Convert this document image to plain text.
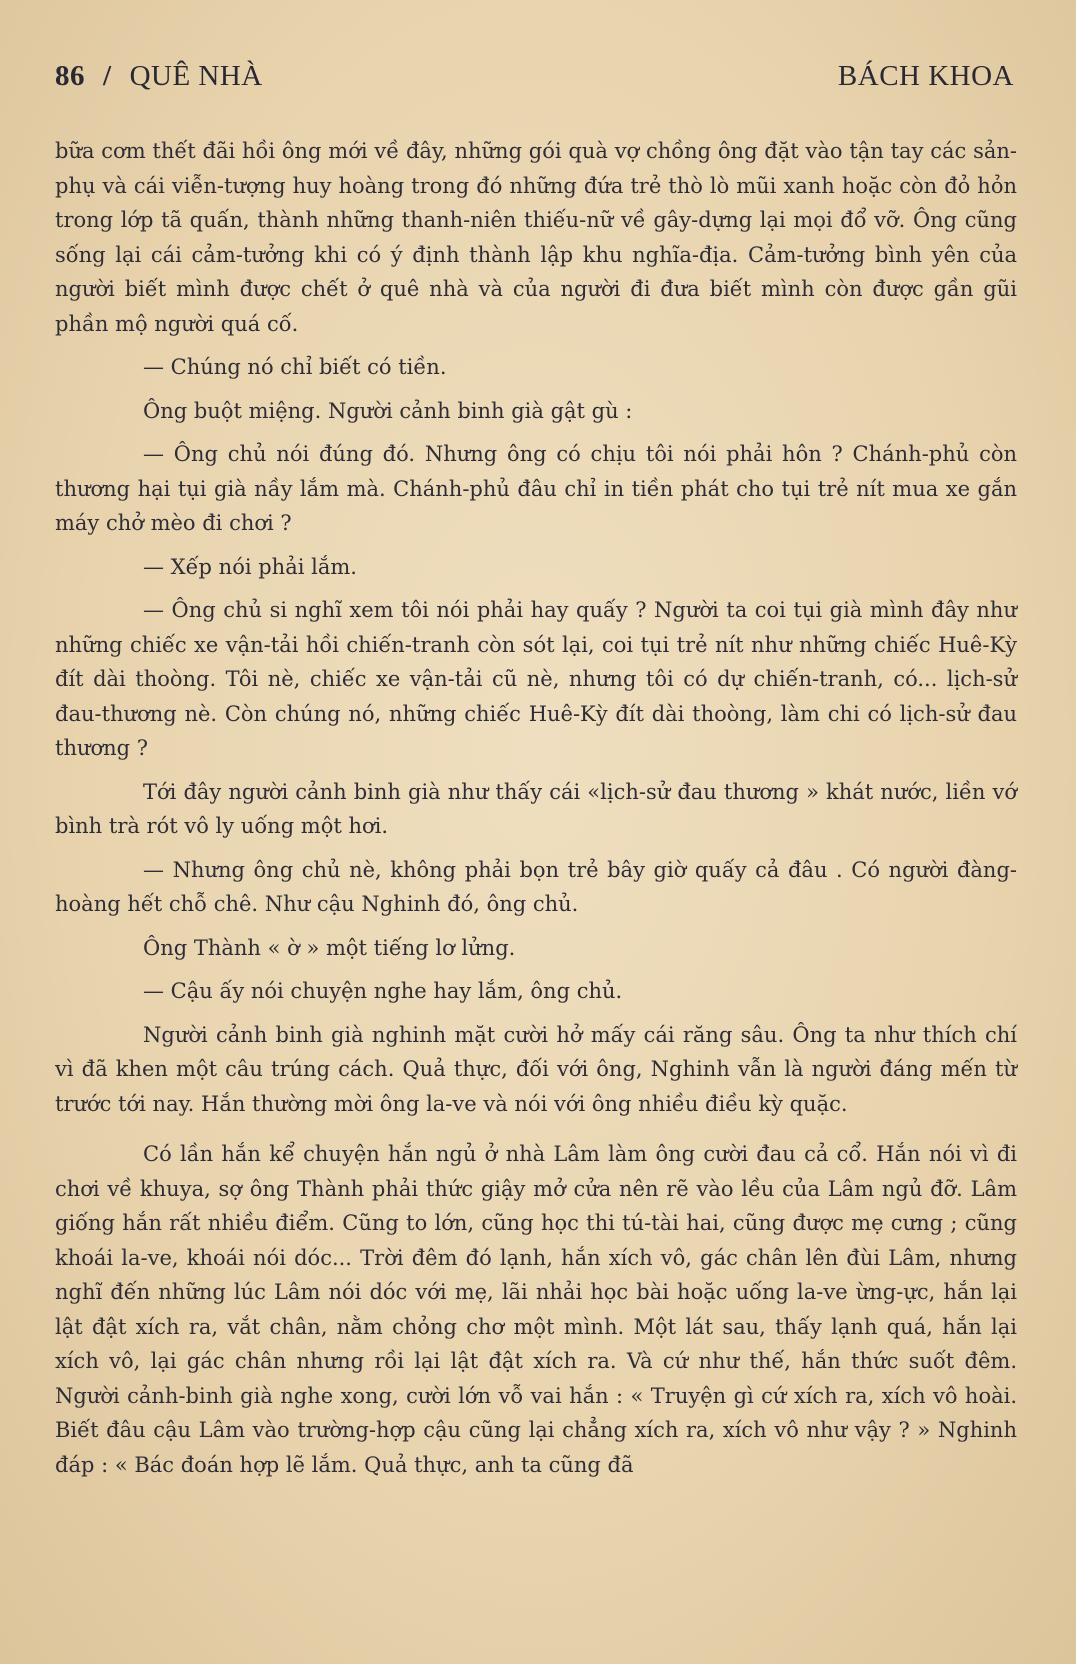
86 / QUÊ NHÀ	BÁCH KHOA

bữa cơm thết đãi hồi ông mới về đây, những gói quà vợ chồng ông đặt vào tận tay các sản-phụ và cái viễn-tượng huy hoàng trong đó những đứa trẻ thò lò mũi xanh hoặc còn đỏ hỏn trong lớp tã quấn, thành những thanh-niên thiếu-nữ về gây-dựng lại mọi đổ vỡ. Ông cũng sống lại cái cảm-tưởng khi có ý định thành lập khu nghĩa-địa. Cảm-tưởng bình yên của người biết mình được chết ở quê nhà và của người đi đưa biết mình còn được gần gũi phần mộ người quá cố.

— Chúng nó chỉ biết có tiền.

Ông buột miệng. Người cảnh binh già gật gù :

— Ông chủ nói đúng đó. Nhưng ông có chịu tôi nói phải hôn ? Chánh-phủ còn thương hại tụi già nầy lắm mà. Chánh-phủ đâu chỉ in tiền phát cho tụi trẻ nít mua xe gắn máy chở mèo đi chơi ?

— Xếp nói phải lắm.

— Ông chủ si nghĩ xem tôi nói phải hay quấy ? Người ta coi tụi già mình đây như những chiếc xe vận-tải hồi chiến-tranh còn sót lại, coi tụi trẻ nít như những chiếc Huê-Kỳ đít dài thoòng. Tôi nè, chiếc xe vận-tải cũ nè, nhưng tôi có dự chiến-tranh, có... lịch-sử đau-thương nè. Còn chúng nó, những chiếc Huê-Kỳ đít dài thoòng, làm chi có lịch-sử đau thương ?

Tới đây người cảnh binh già như thấy cái «lịch-sử đau thương » khát nước, liền vớ bình trà rót vô ly uống một hơi.

— Nhưng ông chủ nè, không phải bọn trẻ bây giờ quấy cả đâu . Có người đàng-hoàng hết chỗ chê. Như cậu Nghinh đó, ông chủ.

Ông Thành « ờ » một tiếng lơ lửng.

— Cậu ấy nói chuyện nghe hay lắm, ông chủ.

Người cảnh binh già nghinh mặt cười hở mấy cái răng sâu. Ông ta như thích chí vì đã khen một câu trúng cách. Quả thực, đối với ông, Nghinh vẫn là người đáng mến từ trước tới nay. Hắn thường mời ông la-ve và nói với ông nhiều điều kỳ quặc.

Có lần hắn kể chuyện hắn ngủ ở nhà Lâm làm ông cười đau cả cổ. Hắn nói vì đi chơi về khuya, sợ ông Thành phải thức giậy mở cửa nên rẽ vào lều của Lâm ngủ đỡ. Lâm giống hắn rất nhiều điểm. Cũng to lớn, cũng học thi tú-tài hai, cũng được mẹ cưng ; cũng khoái la-ve, khoái nói dóc... Trời đêm đó lạnh, hắn xích vô, gác chân lên đùi Lâm, nhưng nghĩ đến những lúc Lâm nói dóc với mẹ, lãi nhải học bài hoặc uống la-ve ừng-ực, hắn lại lật đật xích ra, vắt chân, nằm chỏng chơ một mình. Một lát sau, thấy lạnh quá, hắn lại xích vô, lại gác chân nhưng rồi lại lật đật xích ra. Và cứ như thế, hắn thức suốt đêm. Người cảnh-binh già nghe xong, cười lớn vỗ vai hắn : « Truyện gì cứ xích ra, xích vô hoài. Biết đâu cậu Lâm vào trường-hợp cậu cũng lại chẳng xích ra, xích vô như vậy ? » Nghinh đáp : « Bác đoán hợp lẽ lắm. Quả thực, anh ta cũng đã
